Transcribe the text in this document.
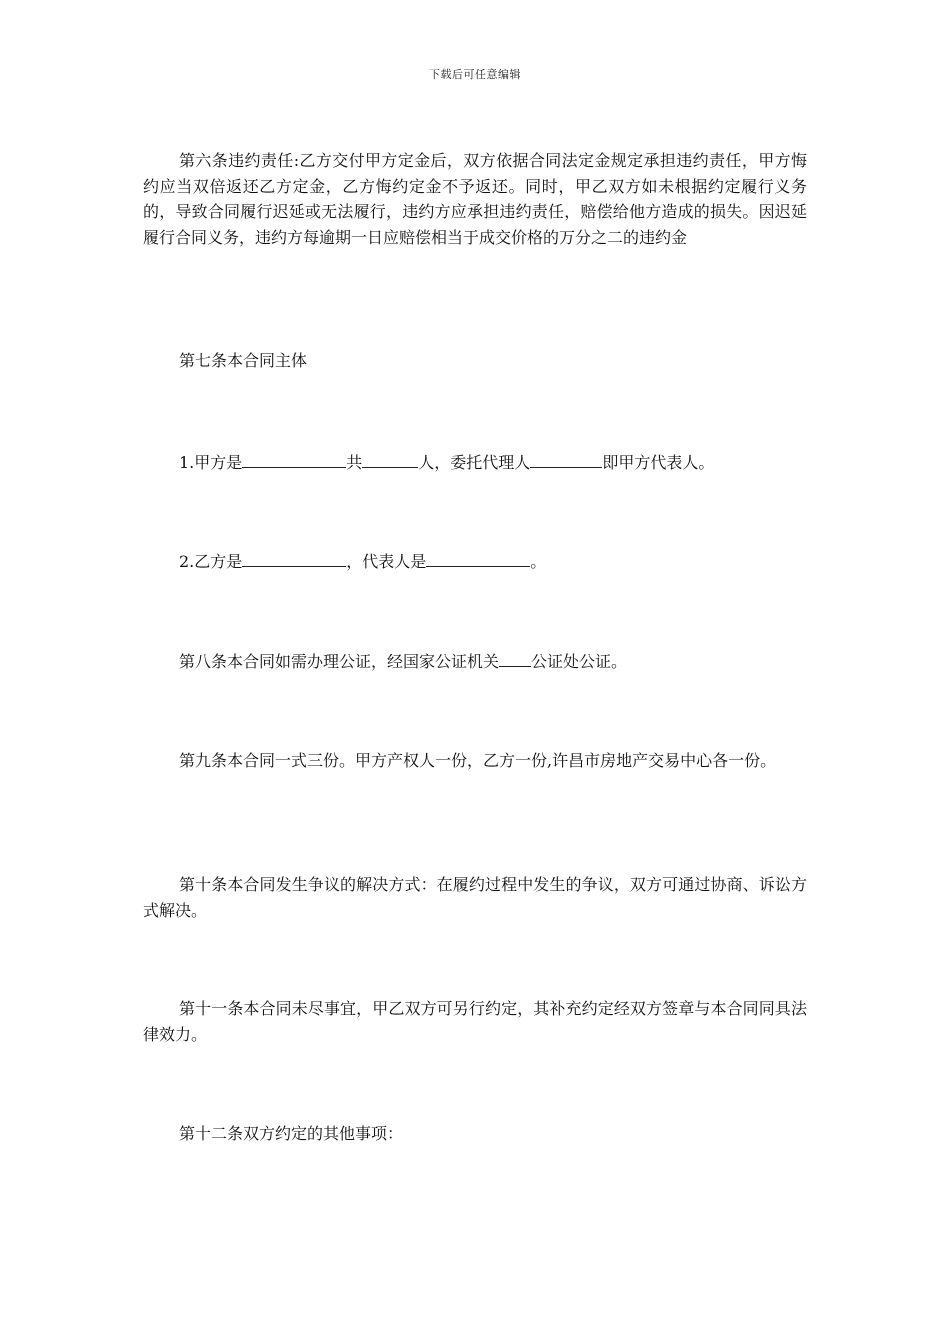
下载后可任意编辑

第六条违约责任:乙方交付甲方定金后，双方依据合同法定金规定承担违约责任，甲方悔约应当双倍返还乙方定金，乙方悔约定金不予返还。同时，甲乙双方如未根据约定履行义务的，导致合同履行迟延或无法履行，违约方应承担违约责任，赔偿给他方造成的损失。因迟延履行合同义务，违约方每逾期一日应赔偿相当于成交价格的万分之二的违约金

第七条本合同主体

1.甲方是	共	人，委托代理人	即甲方代表人。

2.乙方是	，代表人是	。

第八条本合同如需办理公证，经国家公证机关 公证处公证。

第九条本合同一式三份。甲方产权人一份，乙方一份,许昌市房地产交易中心各一份。

第十条本合同发生争议的解决方式：在履约过程中发生的争议，双方可通过协商、诉讼方式解决。

第十一条本合同未尽事宜，甲乙双方可另行约定，其补充约定经双方签章与本合同同具法律效力。

第十二条双方约定的其他事项：
